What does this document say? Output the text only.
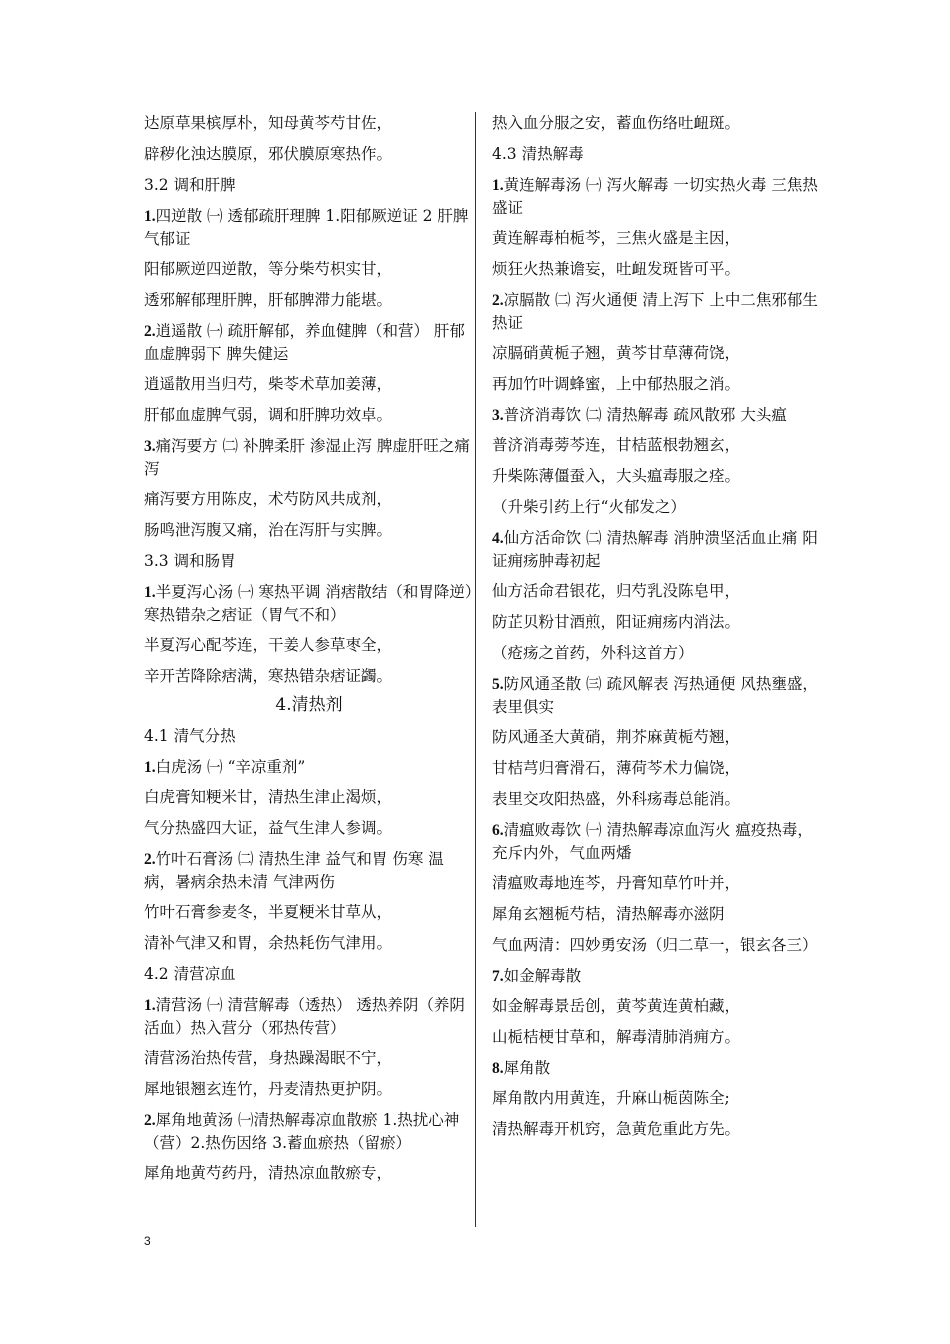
达原草果槟厚朴，知母黄芩芍甘佐，
辟秽化浊达膜原，邪伏膜原寒热作。
3.2 调和肝脾
1.四逆散 ㈠ 透郁疏肝理脾 1.阳郁厥逆证 2 肝脾气郁证
阳郁厥逆四逆散，等分柴芍枳实甘，
透邪解郁理肝脾，肝郁脾滞力能堪。
2.逍遥散 ㈠ 疏肝解郁，养血健脾（和营） 肝郁血虚脾弱下 脾失健运
逍遥散用当归芍，柴苓术草加姜薄，
肝郁血虚脾气弱，调和肝脾功效卓。
3.痛泻要方 ㈡ 补脾柔肝 渗湿止泻 脾虚肝旺之痛泻
痛泻要方用陈皮，术芍防风共成剂，
肠鸣泄泻腹又痛，治在泻肝与实脾。
3.3 调和肠胃
1.半夏泻心汤 ㈠ 寒热平调 消痞散结（和胃降逆）寒热错杂之痞证（胃气不和）
半夏泻心配芩连，干姜人参草枣全，
辛开苦降除痞满，寒热错杂痞证蠲。
4.清热剂
4.1 清气分热
1.白虎汤 ㈠ “辛凉重剂”
白虎膏知粳米甘，清热生津止渴烦，
气分热盛四大证，益气生津人参调。
2.竹叶石膏汤 ㈡ 清热生津 益气和胃 伤寒 温病，暑病余热未清 气津两伤
竹叶石膏参麦冬，半夏粳米甘草从，
清补气津又和胃，余热耗伤气津用。
4.2 清营凉血
1.清营汤 ㈠ 清营解毒（透热） 透热养阴（养阴活血）热入营分（邪热传营）
清营汤治热传营，身热躁渴眠不宁，
犀地银翘玄连竹，丹麦清热更护阴。
2.犀角地黄汤 ㈠清热解毒凉血散瘀 1.热扰心神（营）2.热伤因络 3.蓄血瘀热（留瘀）
犀角地黄芍药丹，清热凉血散瘀专，
热入血分服之安，蓄血伤络吐衄斑。
4.3 清热解毒
1.黄连解毒汤 ㈠ 泻火解毒 一切实热火毒 三焦热盛证
黄连解毒柏栀芩，三焦火盛是主因，
烦狂火热兼谵妄，吐衄发斑皆可平。
2.凉膈散 ㈡ 泻火通便 清上泻下 上中二焦邪郁生热证
凉膈硝黄栀子翘，黄芩甘草薄荷饶，
再加竹叶调蜂蜜，上中郁热服之消。
3.普济消毒饮 ㈡ 清热解毒 疏风散邪 大头瘟
普济消毒蒡芩连，甘桔蓝根勃翘玄，
升柴陈薄僵蚕入，大头瘟毒服之痊。
（升柴引药上行“火郁发之）
4.仙方活命饮 ㈡ 清热解毒 消肿溃坚活血止痛 阳证痈疡肿毒初起
仙方活命君银花，归芍乳没陈皂甲，
防芷贝粉甘酒煎，阳证痈疡内消法。
（疮疡之首药，外科这首方）
5.防风通圣散 ㈢ 疏风解表 泻热通便 风热壅盛，表里俱实
防风通圣大黄硝，荆芥麻黄栀芍翘，
甘桔芎归膏滑石，薄荷芩术力偏饶，
表里交攻阳热盛，外科疡毒总能消。
6.清瘟败毒饮 ㈠ 清热解毒凉血泻火 瘟疫热毒，充斥内外，气血两燔
清瘟败毒地连芩，丹膏知草竹叶并，
犀角玄翘栀芍桔，清热解毒亦滋阴
气血两清：四妙勇安汤（归二草一，银玄各三）
7.如金解毒散
如金解毒景岳创，黄芩黄连黄柏藏，
山栀桔梗甘草和，解毒清肺消痈方。
8.犀角散
犀角散内用黄连，升麻山栀茵陈全;
清热解毒开机窍，急黄危重此方先。
3
